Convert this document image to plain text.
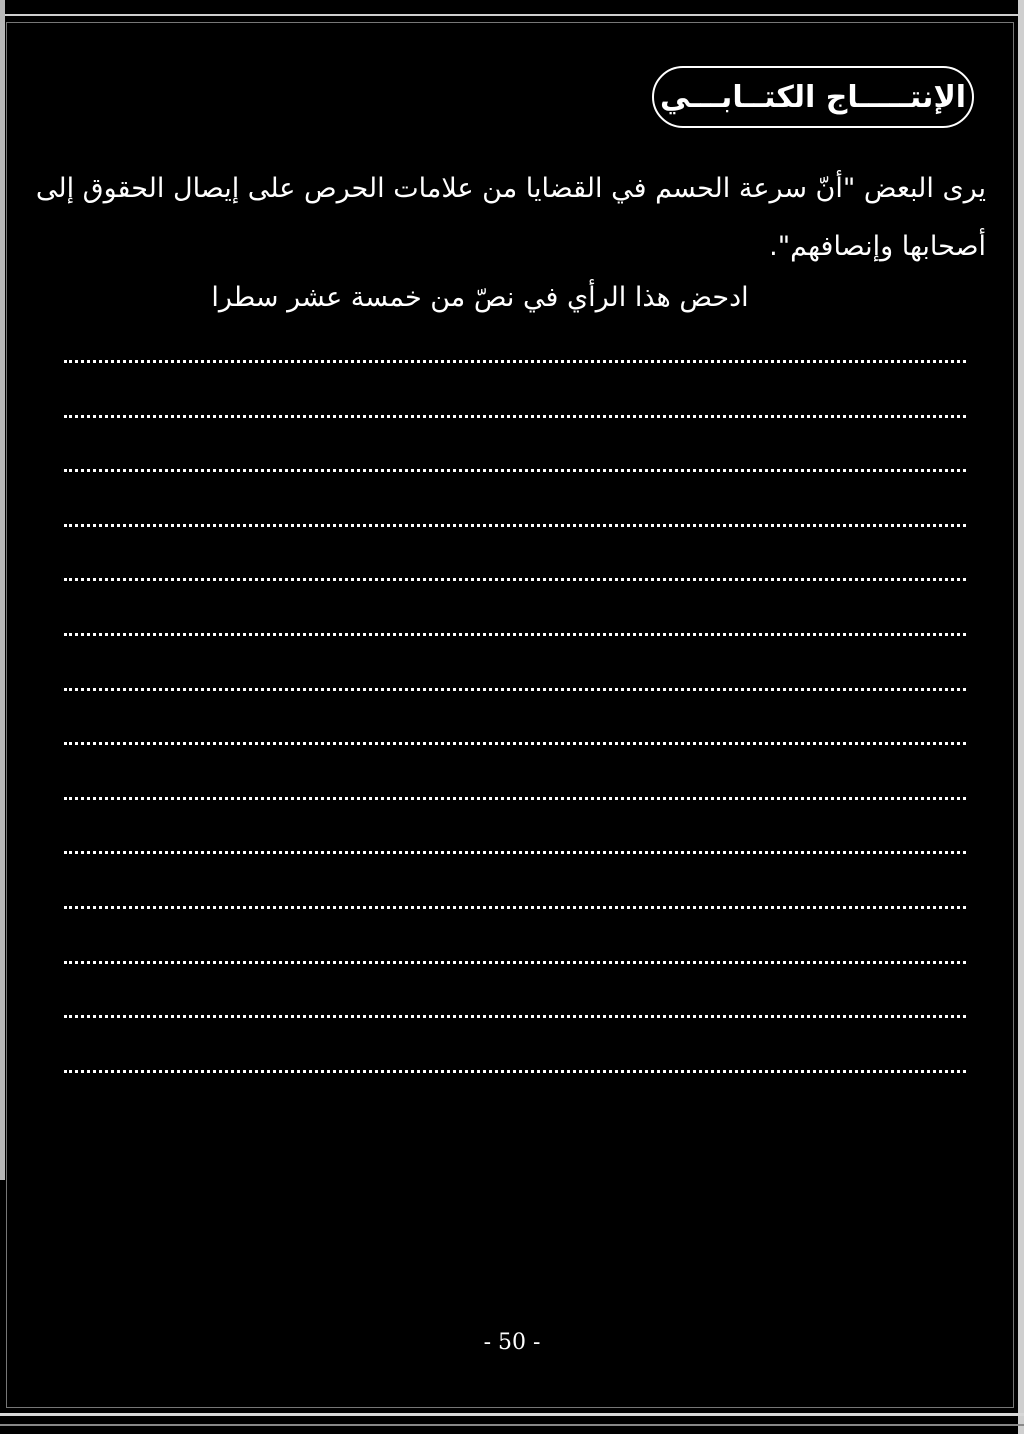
الإنتـــــاج الكتــابـــي
يرى البعض "أنّ سرعة الحسم في القضايا من علامات الحرص على إيصال الحقوق إلى
أصحابها وإنصافهم".
ادحض هذا الرأي في نصّ من خمسة عشر سطرا
- 50 -
